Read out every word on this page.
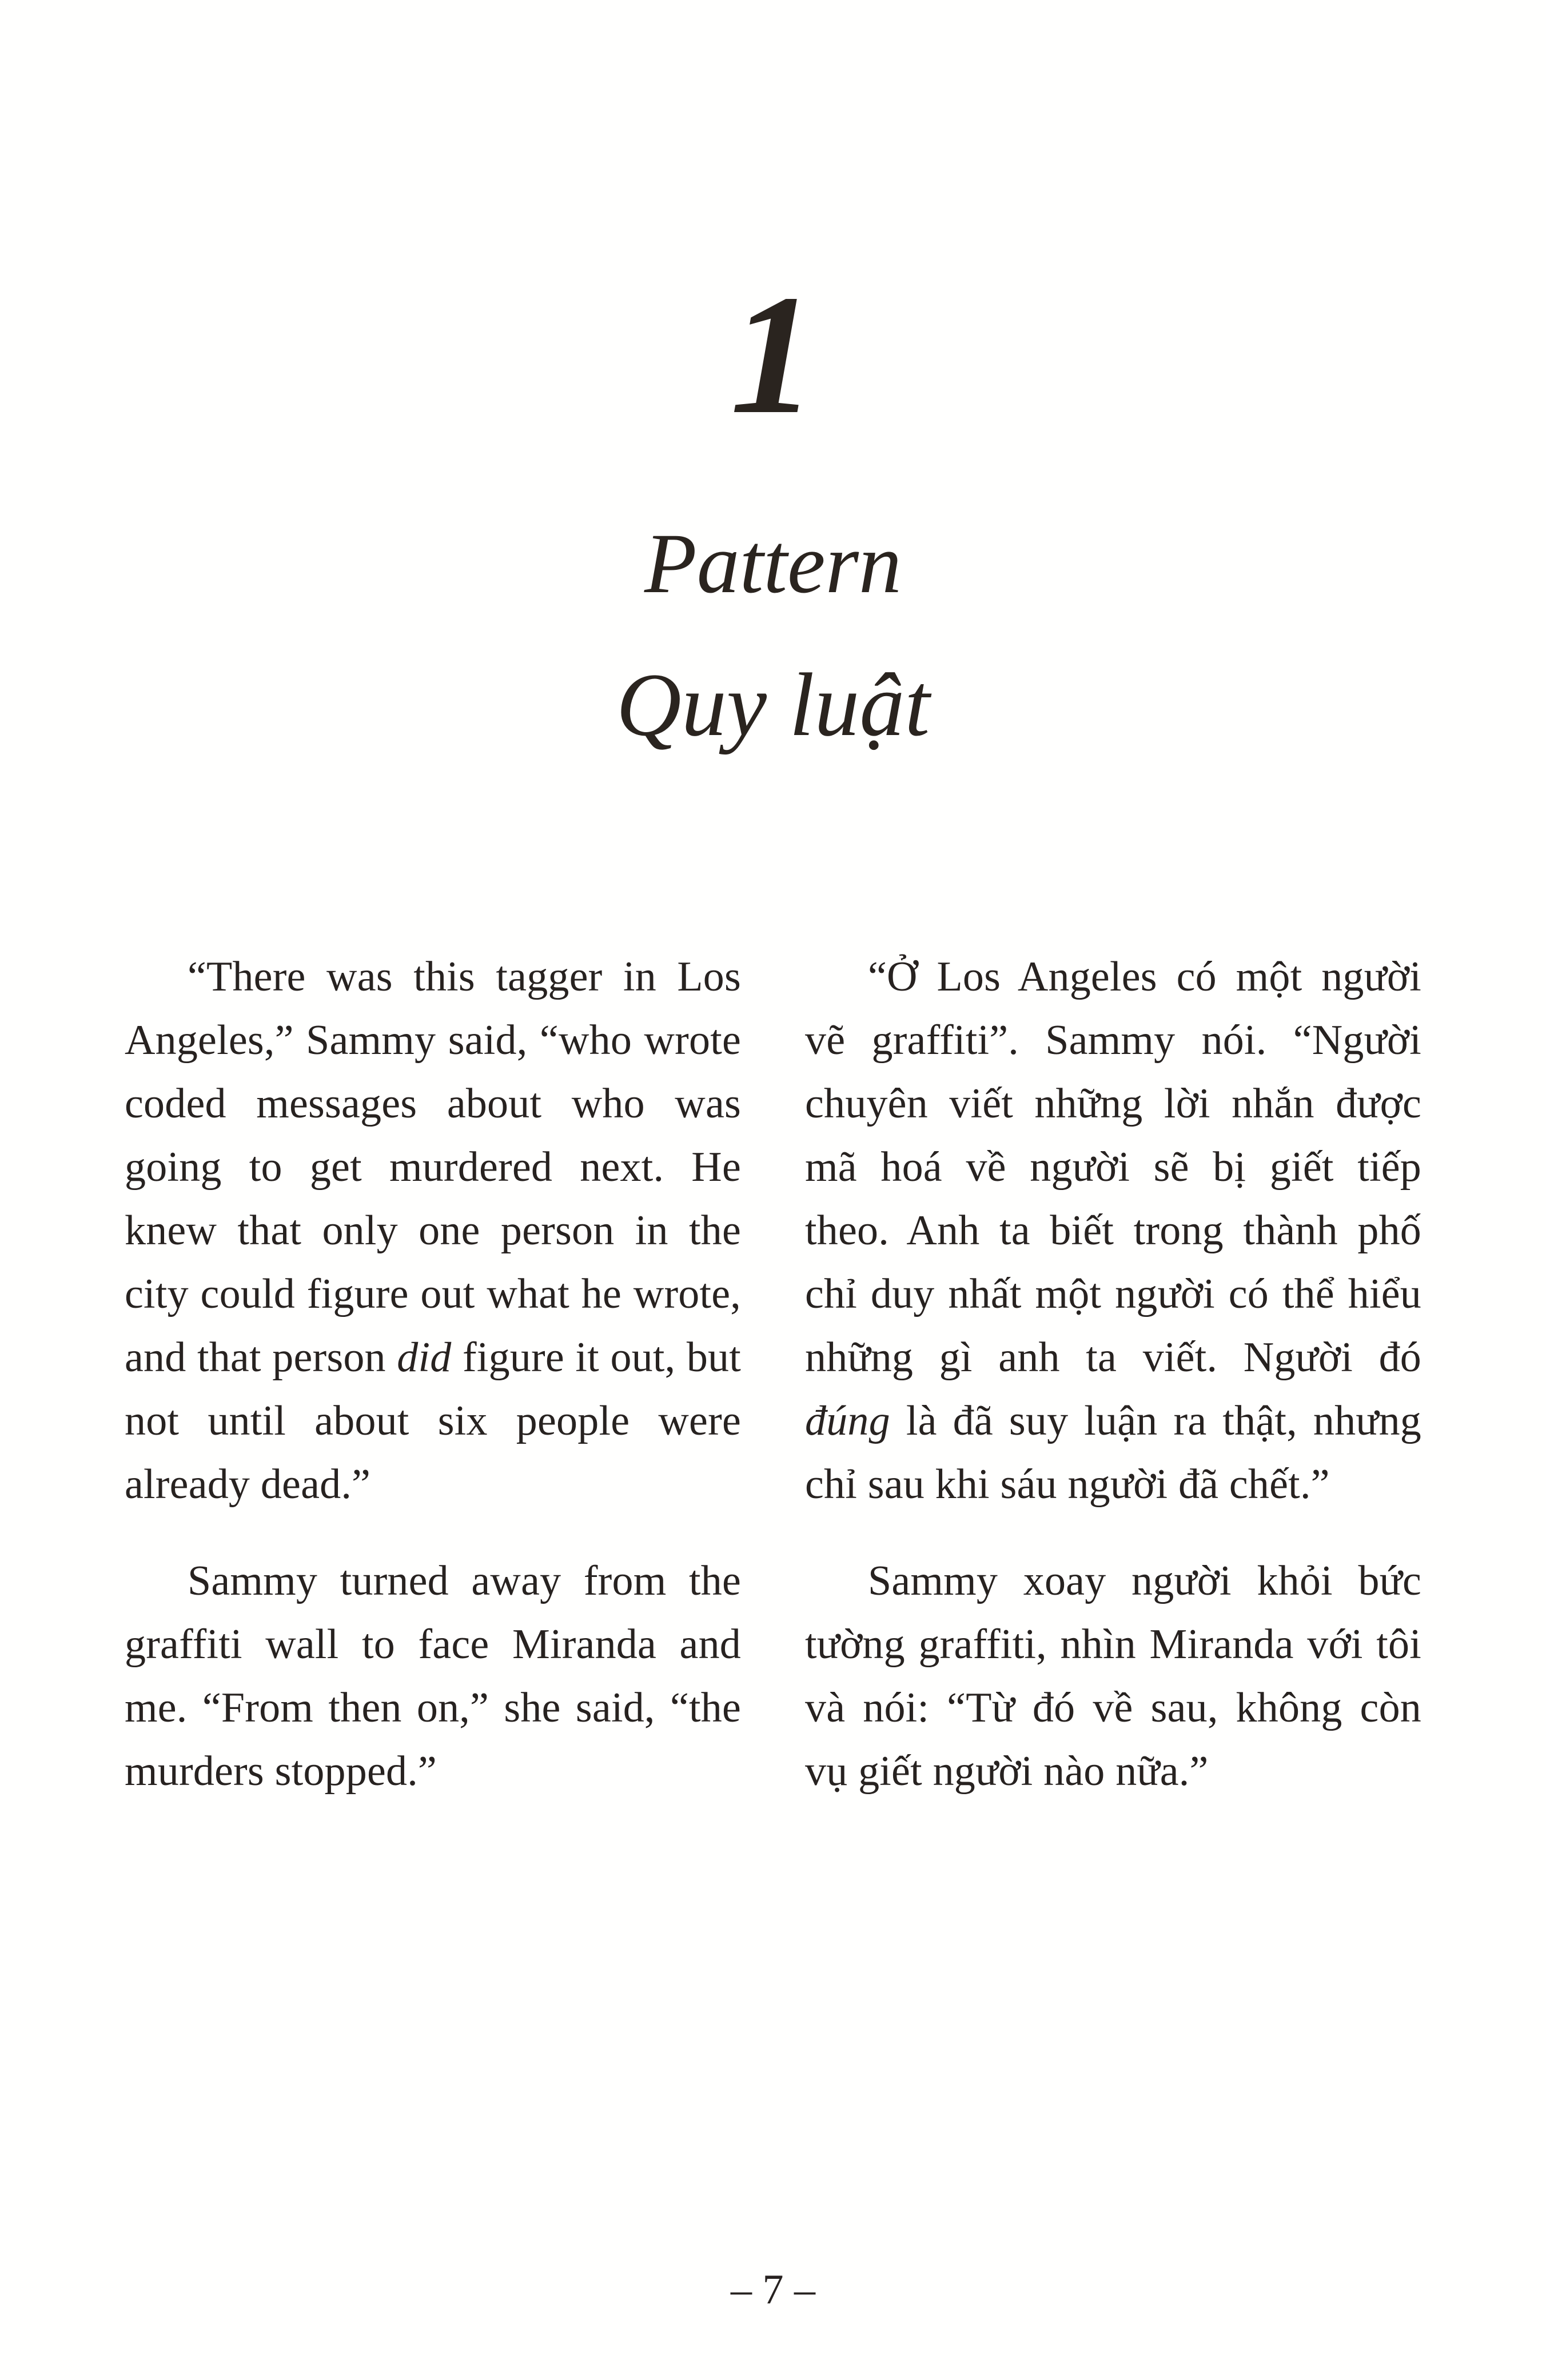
1
Pattern
Quy luật

“There was this tagger in Los Angeles,” Sammy said, “who wrote coded messages about who was going to get murdered next. He knew that only one person in the city could figure out what he wrote, and that person did figure it out, but not until about six people were already dead.”

Sammy turned away from the graffiti wall to face Miranda and me. “From then on,” she said, “the murders stopped.”

“Ở Los Angeles có một người vẽ graffiti”. Sammy nói. “Người chuyên viết những lời nhắn được mã hoá về người sẽ bị giết tiếp theo. Anh ta biết trong thành phố chỉ duy nhất một người có thể hiểu những gì anh ta viết. Người đó đúng là đã suy luận ra thật, nhưng chỉ sau khi sáu người đã chết.”

Sammy xoay người khỏi bức tường graffiti, nhìn Miranda với tôi và nói: “Từ đó về sau, không còn vụ giết người nào nữa.”

– 7 –
